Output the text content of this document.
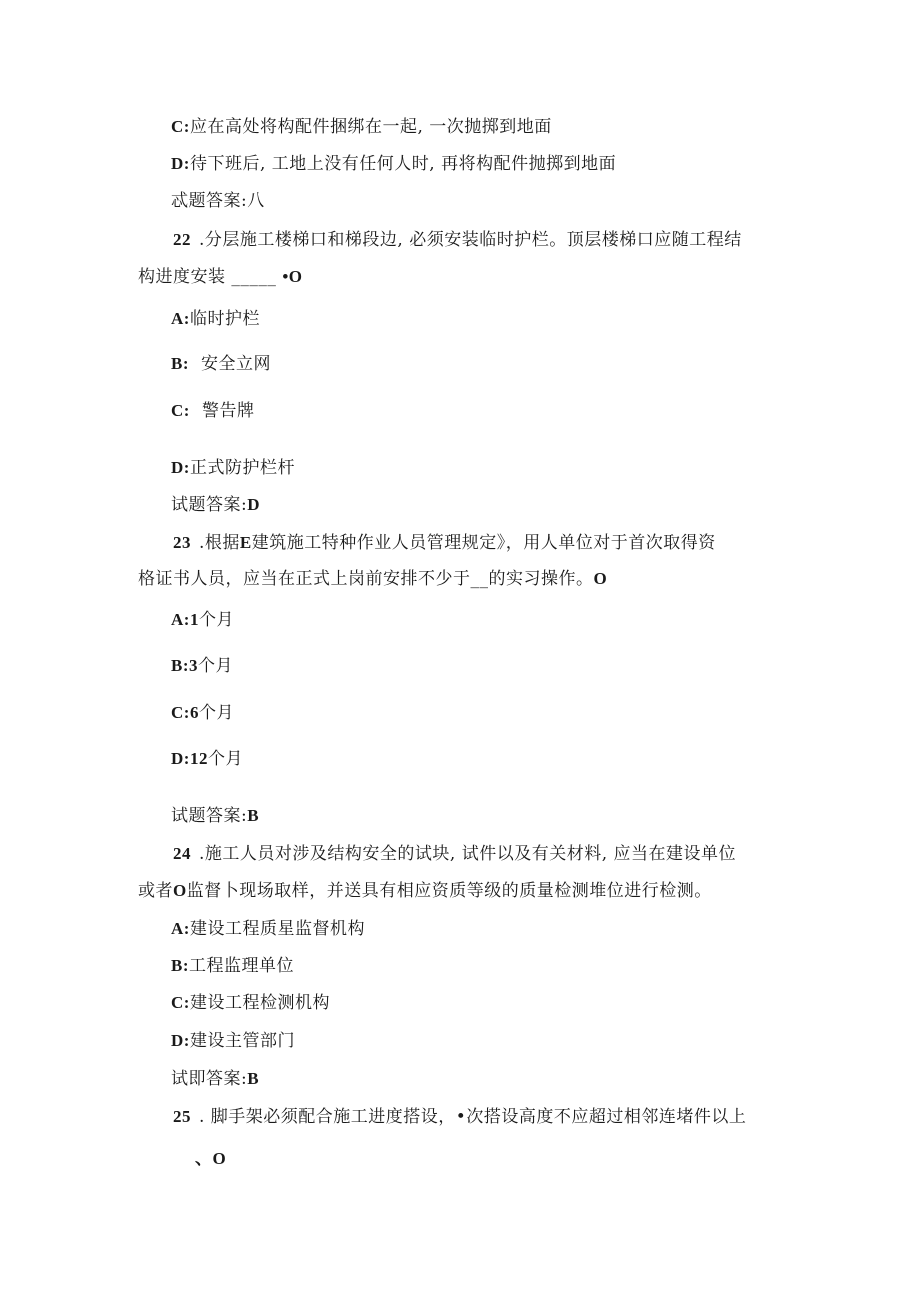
C:应在高处将构配件捆绑在一起, 一次抛掷到地面
D:待下班后, 工地上没有任何人时, 再将构配件抛掷到地面
忒题答案:八
22 .分层施工楼梯口和梯段边, 必须安装临时护栏。顶层楼梯口应随工程结
构进度安装 _____ •O
A:临时护栏
B: 安全立网
C: 警告牌
D:正式防护栏杆
试题答案:D
23 .根据E建筑施工特种作业人员管理规定》，用人单位对于首次取得资
格证书人员，应当在正式上岗前安排不少于__的实习操作。O
A:1个月
B:3个月
C:6个月
D:12个月
试题答案:B
24 .施工人员对涉及结构安全的试块, 试件以及有关材料, 应当在建设单位
或者O监督卜现场取样，并送具有相应资质等级的质量检测堆位进行检测。
A:建设工程质星监督机构
B:工程监理单位
C:建设工程检测机构
D:建设主管部门
试即答案:B
25 . 脚手架必须配合施工进度搭设，•次搭设高度不应超过相邻连堵件以上
、O
